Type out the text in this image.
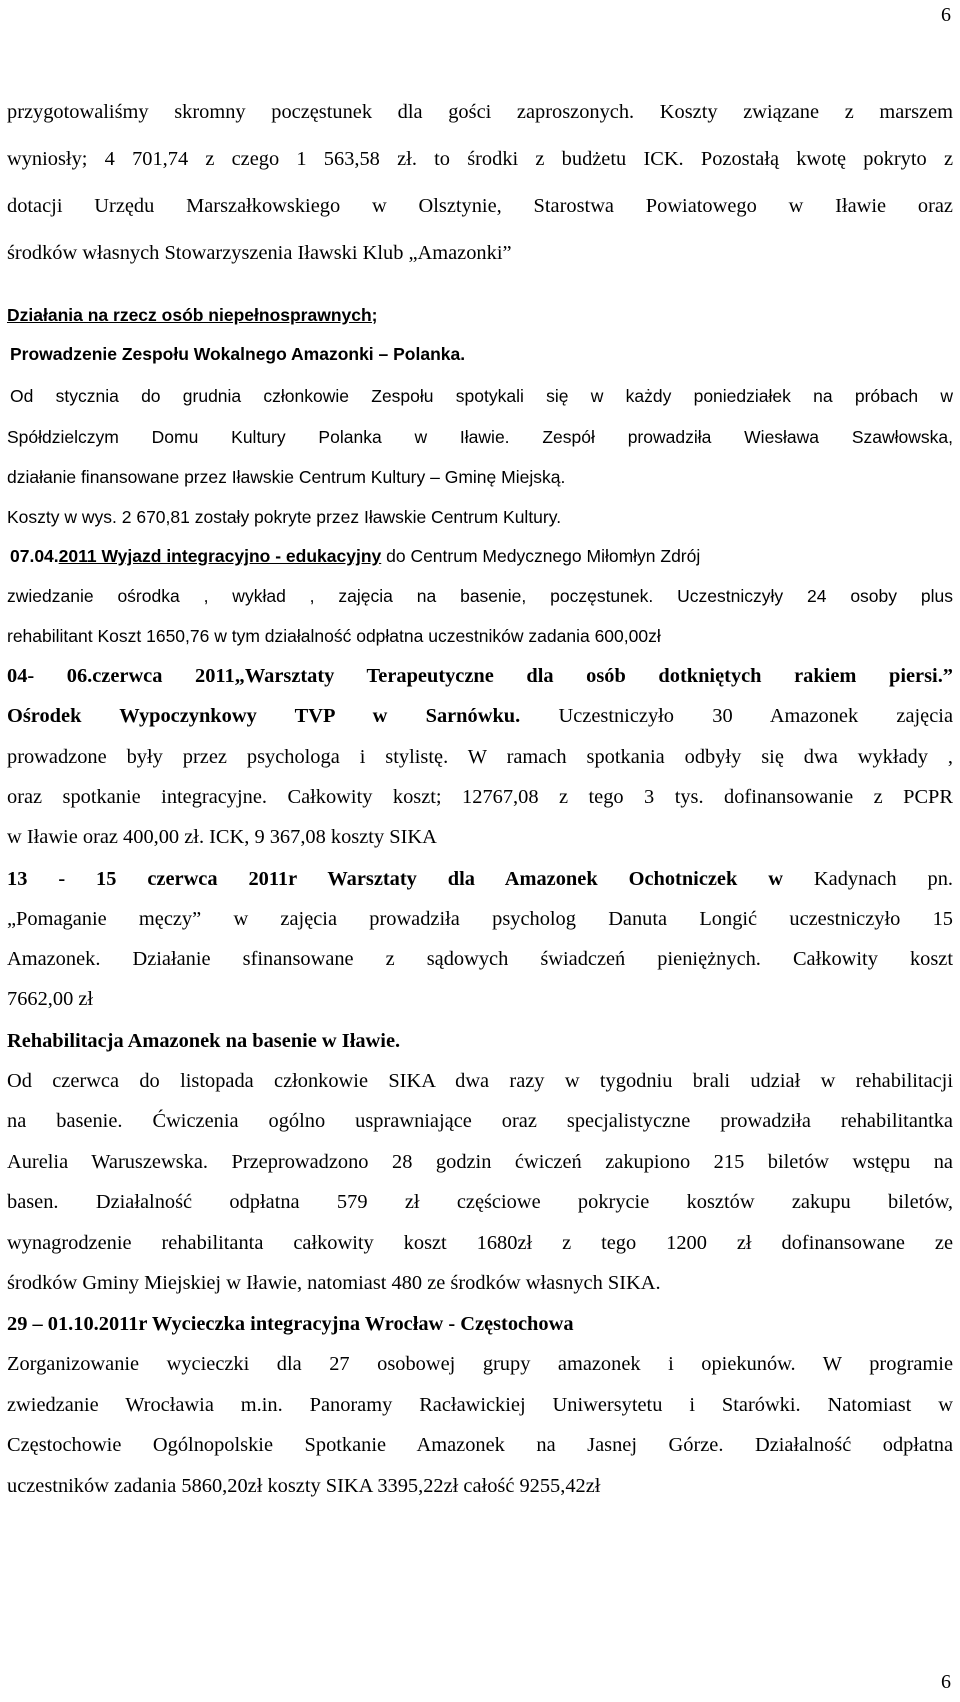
6
przygotowaliśmy skromny poczęstunek dla gości zaproszonych. Koszty związane z marszem
wyniosły; 4 701,74 z czego 1 563,58 zł. to środki z budżetu ICK. Pozostałą kwotę pokryto z
dotacji Urzędu Marszałkowskiego w Olsztynie, Starostwa Powiatowego w Iławie oraz
środków własnych Stowarzyszenia Iławski Klub „Amazonki”
Działania na rzecz osób niepełnosprawnych;
Prowadzenie Zespołu Wokalnego Amazonki – Polanka.
Od stycznia do grudnia członkowie Zespołu spotykali się w każdy poniedziałek na próbach w
Spółdzielczym Domu Kultury Polanka w Iławie. Zespół prowadziła Wiesława Szawłowska,
działanie finansowane przez Iławskie Centrum Kultury – Gminę Miejską.
Koszty w wys. 2 670,81 zostały pokryte przez Iławskie Centrum Kultury.
07.04.2011 Wyjazd integracyjno - edukacyjny do Centrum Medycznego Miłomłyn Zdrój
zwiedzanie ośrodka , wykład , zajęcia na basenie, poczęstunek. Uczestniczyły 24 osoby plus
rehabilitant Koszt 1650,76 w tym działalność odpłatna uczestników zadania 600,00zł
04- 06.czerwca 2011„Warsztaty Terapeutyczne dla osób dotkniętych rakiem piersi.”
Ośrodek Wypoczynkowy TVP w Sarnówku. Uczestniczyło 30 Amazonek zajęcia
prowadzone były przez psychologa i stylistę. W ramach spotkania odbyły się dwa wykłady ,
oraz spotkanie integracyjne. Całkowity koszt; 12767,08 z tego 3 tys. dofinansowanie z PCPR
w Iławie oraz 400,00 zł. ICK, 9 367,08 koszty SIKA
13 - 15 czerwca 2011r Warsztaty dla Amazonek Ochotniczek w Kadynach pn.
„Pomaganie męczy” w zajęcia prowadziła psycholog Danuta Longić uczestniczyło 15
Amazonek. Działanie sfinansowane z sądowych świadczeń pieniężnych. Całkowity koszt
7662,00 zł
Rehabilitacja Amazonek na basenie w Iławie.
Od czerwca do listopada członkowie SIKA dwa razy w tygodniu brali udział w rehabilitacji
na basenie. Ćwiczenia ogólno usprawniające oraz specjalistyczne prowadziła rehabilitantka
Aurelia Waruszewska. Przeprowadzono 28 godzin ćwiczeń zakupiono 215 biletów wstępu na
basen. Działalność odpłatna 579 zł częściowe pokrycie kosztów zakupu biletów,
wynagrodzenie rehabilitanta całkowity koszt 1680zł z tego 1200 zł dofinansowane ze
środków Gminy Miejskiej w Iławie, natomiast 480 ze środków własnych SIKA.
29 – 01.10.2011r Wycieczka integracyjna Wrocław - Częstochowa
Zorganizowanie wycieczki dla 27 osobowej grupy amazonek i opiekunów. W programie
zwiedzanie Wrocławia m.in. Panoramy Racławickiej Uniwersytetu i Starówki. Natomiast w
Częstochowie Ogólnopolskie Spotkanie Amazonek na Jasnej Górze. Działalność odpłatna
uczestników zadania 5860,20zł koszty SIKA 3395,22zł całość 9255,42zł
6
